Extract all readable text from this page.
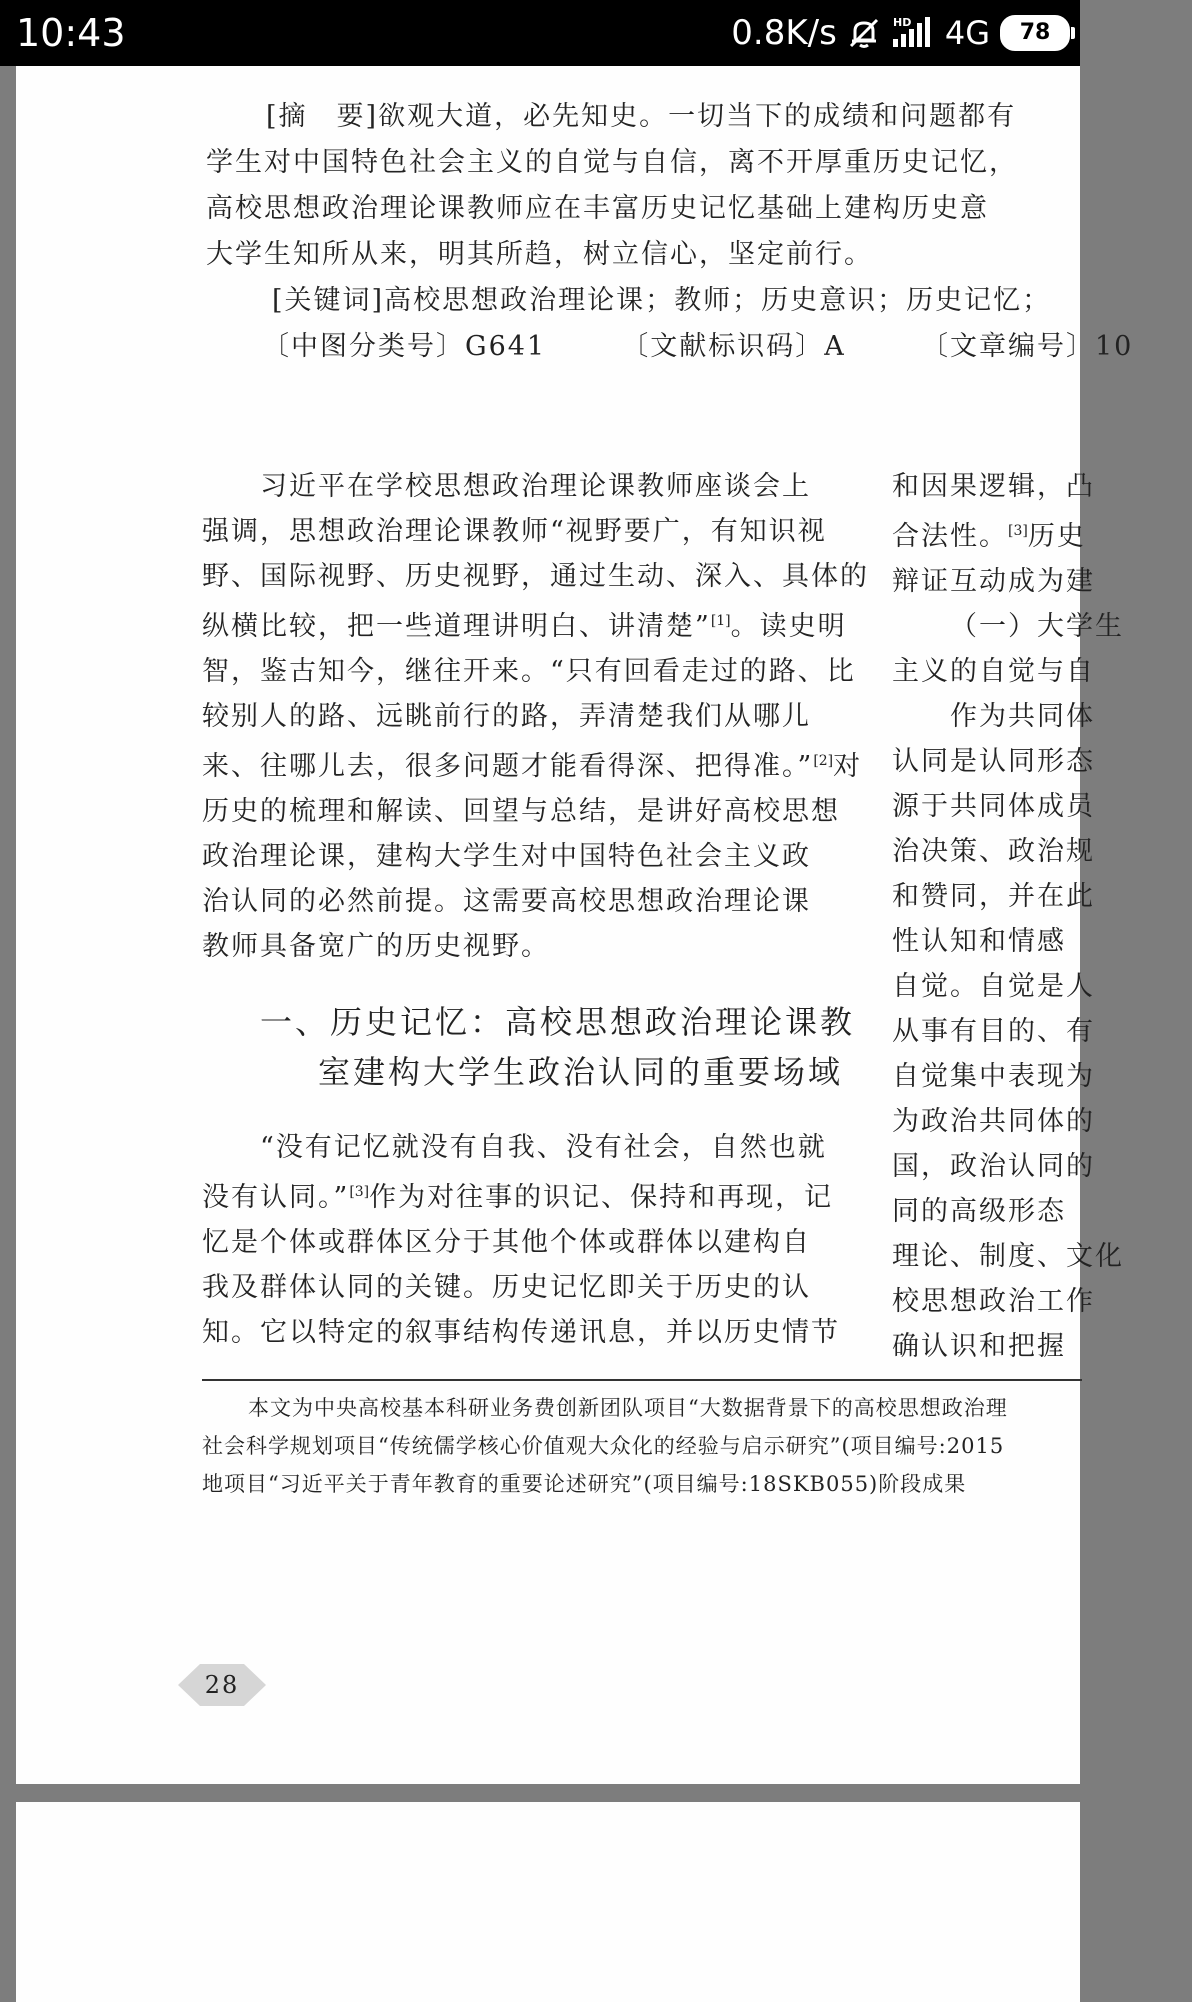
10:43	0.8K/s	HD 4G	78

[摘　要]欲观大道，必先知史。一切当下的成绩和问题都有

学生对中国特色社会主义的自觉与自信，离不开厚重历史记忆，

高校思想政治理论课教师应在丰富历史记忆基础上建构历史意

大学生知所从来，明其所趋，树立信心，坚定前行。

[关键词]高校思想政治理论课；教师；历史意识；历史记忆；

〔中图分类号〕G641	〔文献标识码〕A	〔文章编号〕10

习近平在学校思想政治理论课教师座谈会上

强调，思想政治理论课教师“视野要广，有知识视

野、国际视野、历史视野，通过生动、深入、具体的

纵横比较，把一些道理讲明白、讲清楚”[1]。读史明

智，鉴古知今，继往开来。“只有回看走过的路、比

较别人的路、远眺前行的路，弄清楚我们从哪儿

来、往哪儿去，很多问题才能看得深、把得准。”[2]对

历史的梳理和解读、回望与总结，是讲好高校思想

政治理论课，建构大学生对中国特色社会主义政

治认同的必然前提。这需要高校思想政治理论课

教师具备宽广的历史视野。

一、历史记忆：高校思想政治理论课教
室建构大学生政治认同的重要场域

“没有记忆就没有自我、没有社会，自然也就

没有认同。”[3]作为对往事的识记、保持和再现，记

忆是个体或群体区分于其他个体或群体以建构自

我及群体认同的关键。历史记忆即关于历史的认

知。它以特定的叙事结构传递讯息，并以历史情节

和因果逻辑，凸

合法性。[3]历史

辩证互动成为建

（一）大学生

主义的自觉与自

作为共同体

认同是认同形态

源于共同体成员

治决策、政治规

和赞同，并在此

性认知和情感

自觉。自觉是人

从事有目的、有

自觉集中表现为

为政治共同体的

国，政治认同的

同的高级形态

理论、制度、文化

校思想政治工作

确认识和把握

本文为中央高校基本科研业务费创新团队项目“大数据背景下的高校思想政治理

社会科学规划项目“传统儒学核心价值观大众化的经验与启示研究”(项目编号:2015

地项目“习近平关于青年教育的重要论述研究”(项目编号:18SKB055)阶段成果

28
